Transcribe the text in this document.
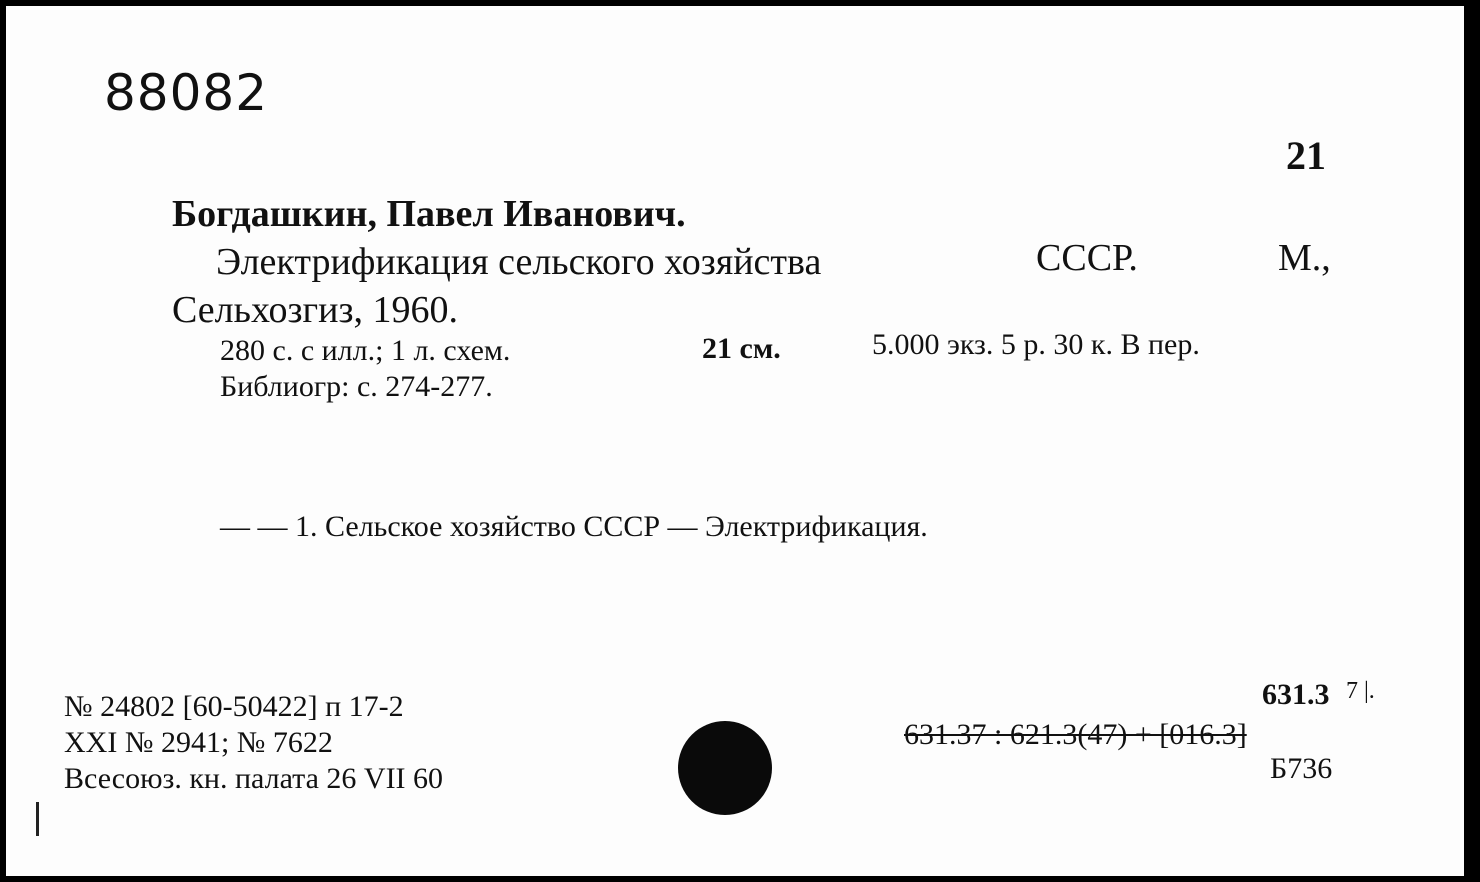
88082
21
Богдашкин, Павел Иванович.
Электрификация сельского хозяйства	СССР.	М.,
Сельхозгиз, 1960.
280 с. с илл.; 1 л. схем.	21 см.	5.000 экз. 5 р. 30 к. В пер.
Библиогр: с. 274-277.
— — 1. Сельское хозяйство СССР — Электрификация.
№ 24802 [60-50422] п 17-2
XXI № 2941; № 7622
Всесоюз. кн. палата 26 VII 60
631.3 7 |.
631.37 : 621.3(47) + [016.3]
Б736
